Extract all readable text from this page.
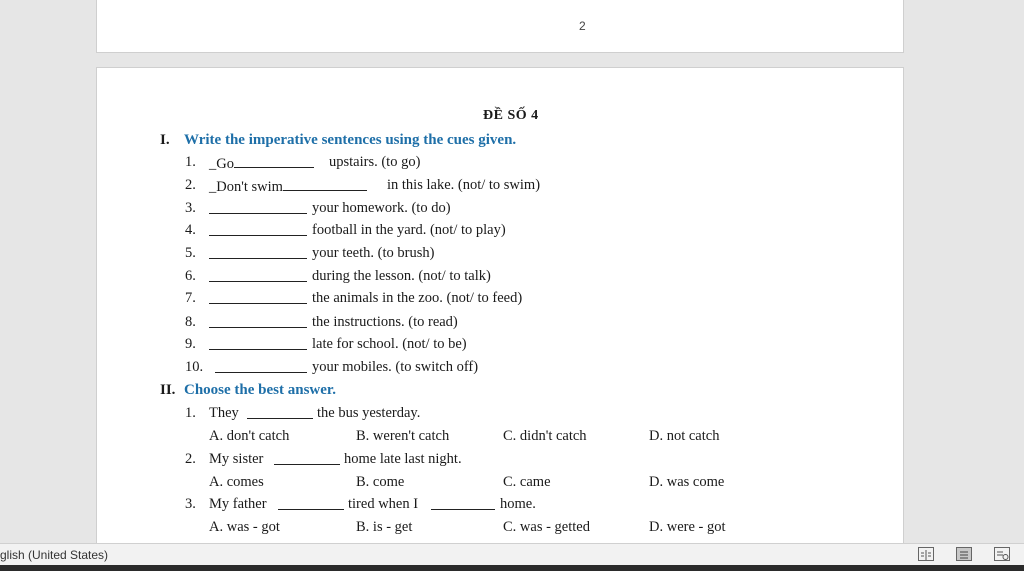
2
ĐỀ SỐ 4
I. Write the imperative sentences using the cues given.
1. _Go	upstairs. (to go)
2. _Don't swim	in this lake. (not/ to swim)
3.	your homework. (to do)
4.	football in the yard. (not/ to play)
5.	your teeth. (to brush)
6.	during the lesson. (not/ to talk)
7.	the animals in the zoo. (not/ to feed)
8.	the instructions. (to read)
9.	late for school. (not/ to be)
10.	your mobiles. (to switch off)
II. Choose the best answer.
1. They	the bus yesterday.
A. don't catch	B. weren't catch	C. didn't catch	D. not catch
2. My sister	home late last night.
A. comes	B. come	C. came	D. was come
3. My father	tired when I	home.
A. was - got	B. is - get	C. was - getted	D. were - got
glish (United States)
